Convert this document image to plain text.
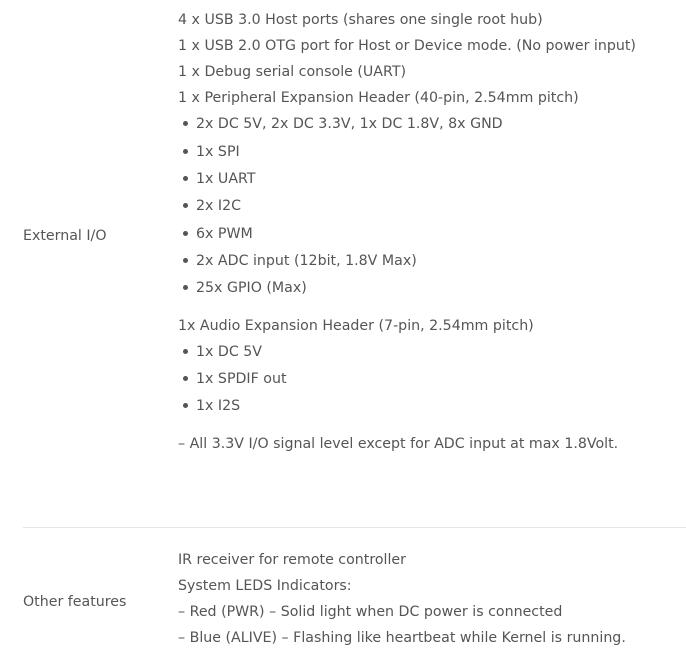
External I/O
4 x USB 3.0 Host ports (shares one single root hub)
1 x USB 2.0 OTG port for Host or Device mode. (No power input)
1 x Debug serial console (UART)
1 x Peripheral Expansion Header (40-pin, 2.54mm pitch)
2x DC 5V, 2x DC 3.3V, 1x DC 1.8V, 8x GND
1x SPI
1x UART
2x I2C
6x PWM
2x ADC input (12bit, 1.8V Max)
25x GPIO (Max)
1x Audio Expansion Header (7-pin, 2.54mm pitch)
1x DC 5V
1x SPDIF out
1x I2S
– All 3.3V I/O signal level except for ADC input at max 1.8Volt.
Other features
IR receiver for remote controller
System LEDS Indicators:
– Red (PWR) – Solid light when DC power is connected
– Blue (ALIVE) – Flashing like heartbeat while Kernel is running.
